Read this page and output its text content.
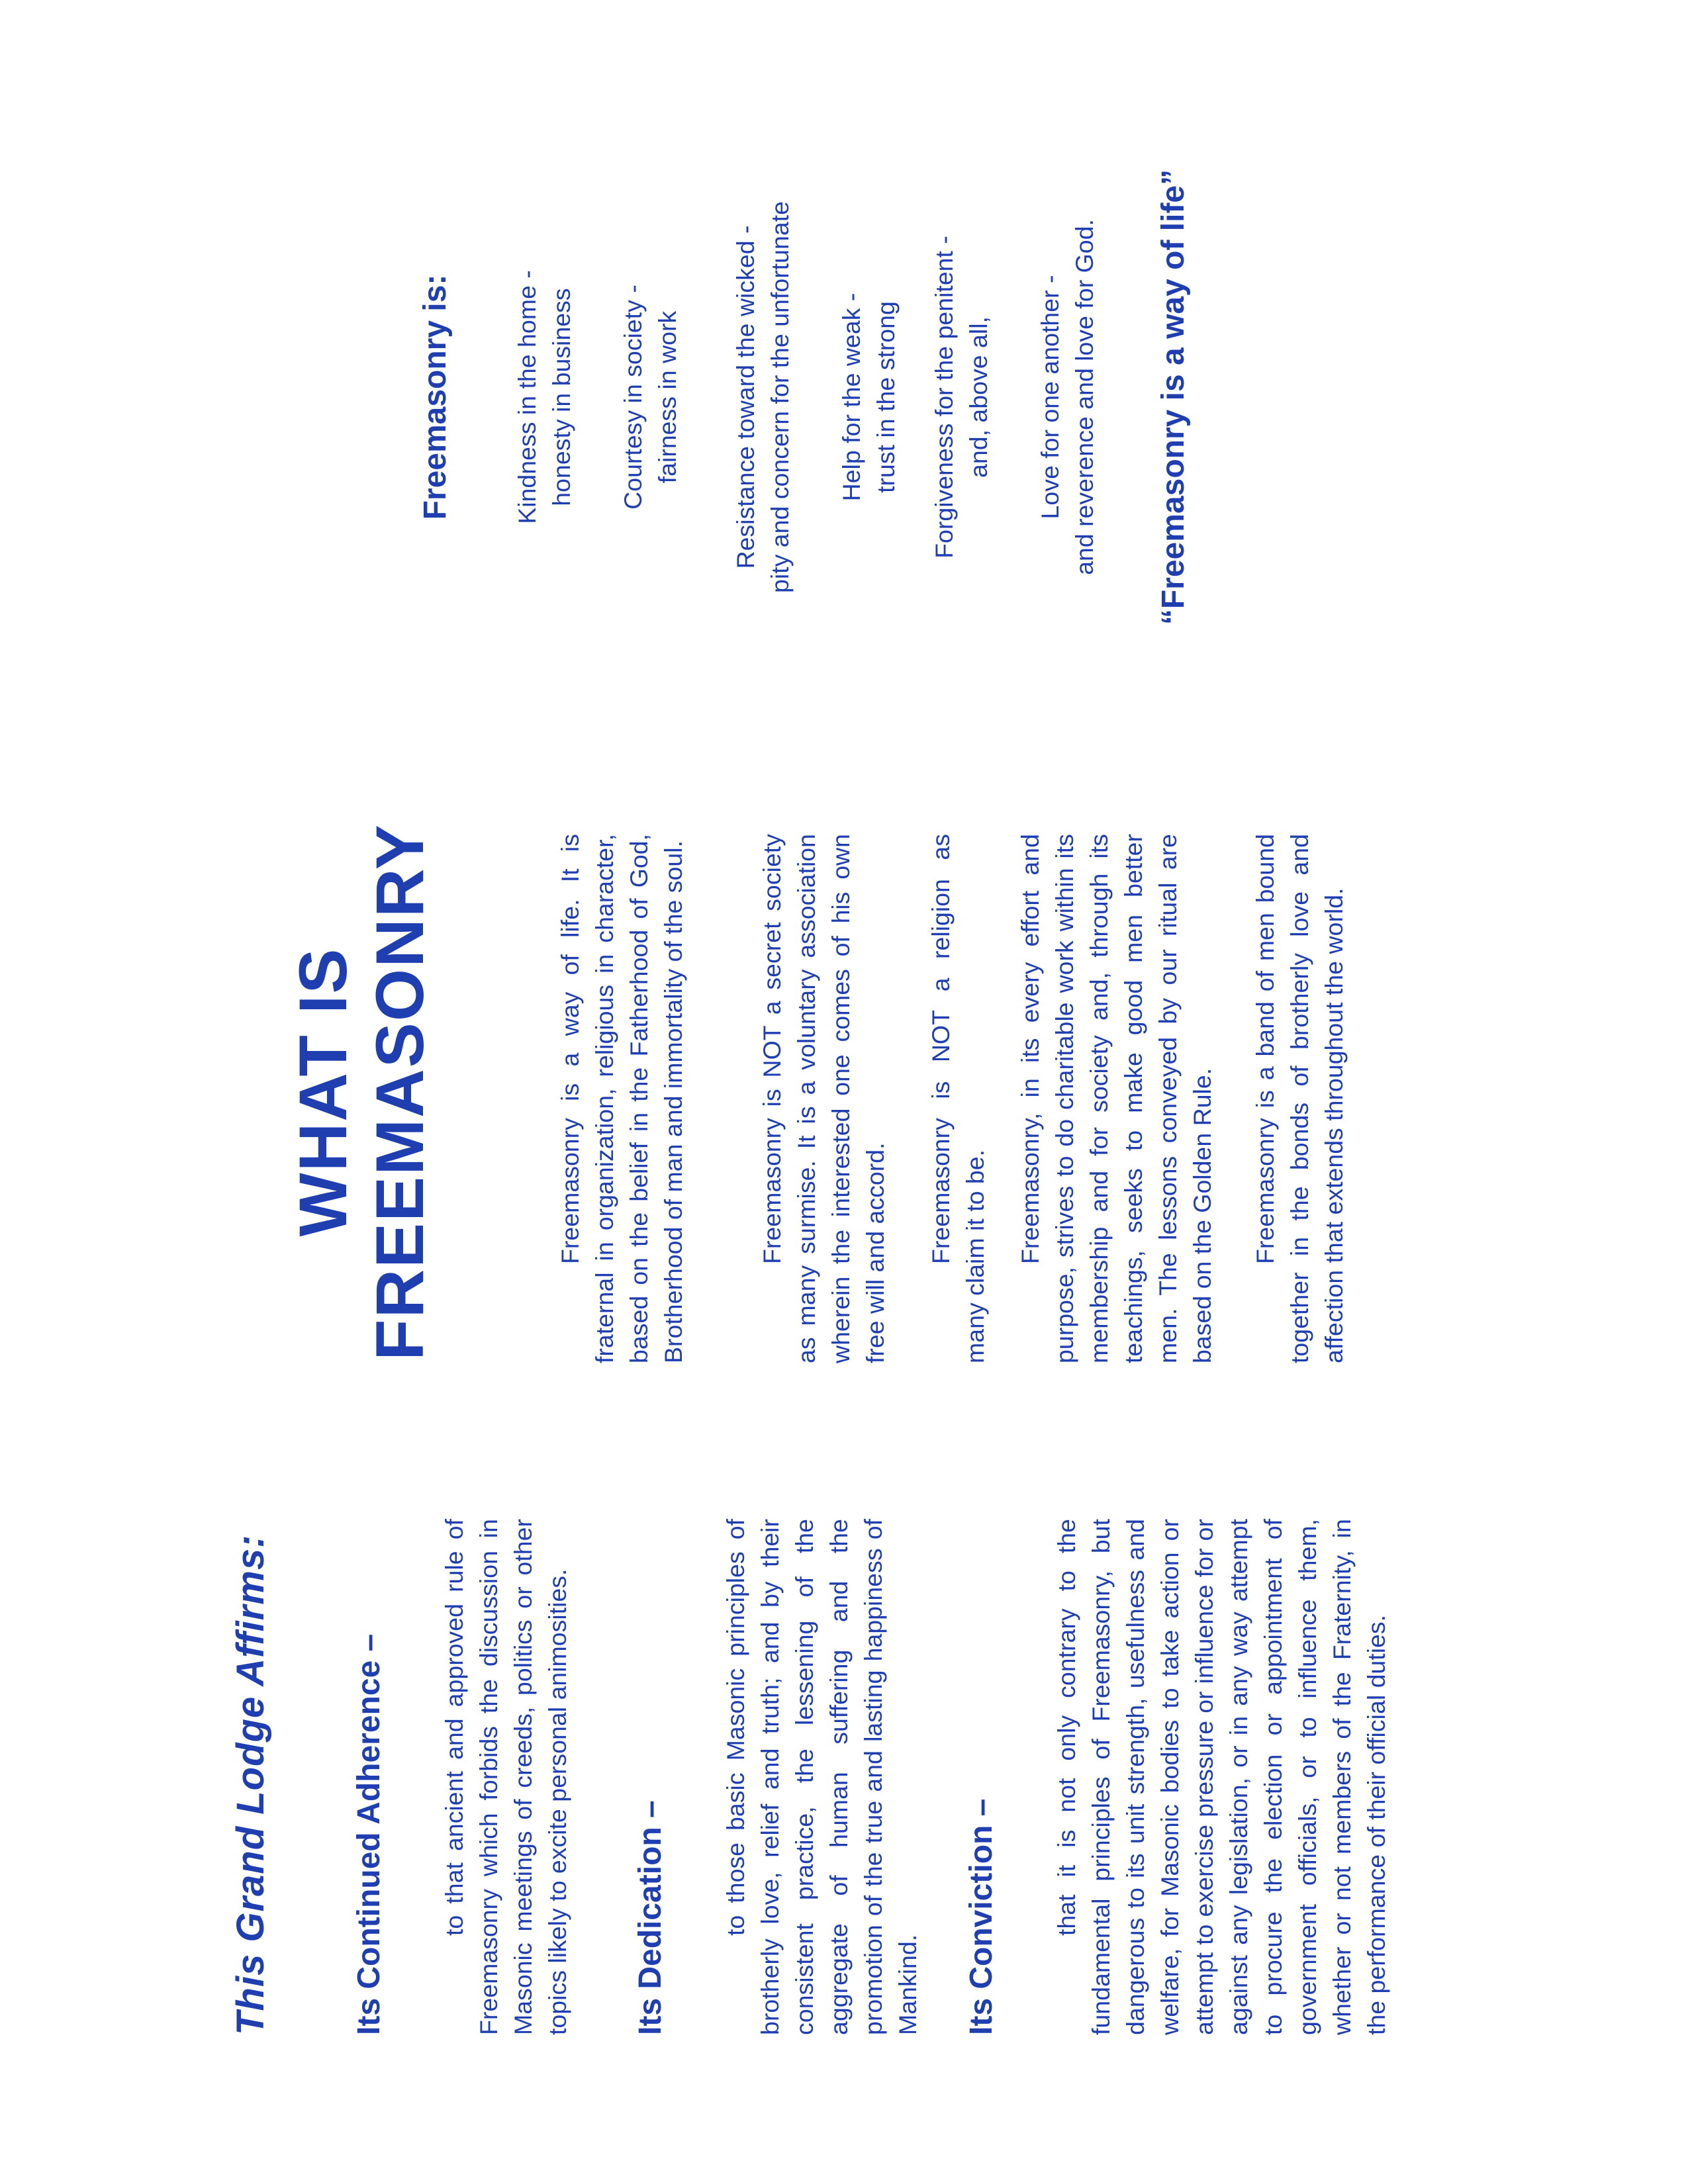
This Grand Lodge Affirms:	Its Continued Adherence – to that ancient and approved rule of Freemasonry which forbids the discussion in Masonic meetings of creeds, politics or other topics likely to excite personal animosities. Its Dedication – to those basic Masonic principles of brotherly love, relief and truth; and by their consistent practice, the lessening of the aggregate of human suffering and the promotion of the true and lasting happiness of Mankind. Its Conviction – that it is not only contrary to the fundamental principles of Freemasonry, but dangerous to its unit strength, usefulness and welfare, for Masonic bodies to take action or attempt to exercise pressure or influence for or against any legislation, or in any way attempt to procure the election or appointment of government officials, or to influence them, whether or not members of the Fraternity, in the performance of their official duties.
WHAT IS FREEMASONRY	Freemasonry is a way of life. It is fraternal in organization, religious in character, based on the belief in the Fatherhood of God, Brotherhood of man and immortality of the soul.	Freemasonry is NOT a secret society as many surmise. It is a voluntary association wherein the interested one comes of his own free will and accord. Freemasonry is NOT a religion as many claim it to be. Freemasonry, in its every effort and purpose, strives to do charitable work within its membership and for society and, through its teachings, seeks to make good men better men. The lessons conveyed by our ritual are based on the Golden Rule. Freemasonry is a band of men bound together in the bonds of brotherly love and affection that extends throughout the world.
Freemasonry is: Kindness in the home - honesty in business Courtesy in society - fairness in work Resistance toward the wicked - pity and concern for the unfortunate Help for the weak - trust in the strong Forgiveness for the penitent - and, above all, Love for one another - and reverence and love for God. “Freemasonry is a way of life”
